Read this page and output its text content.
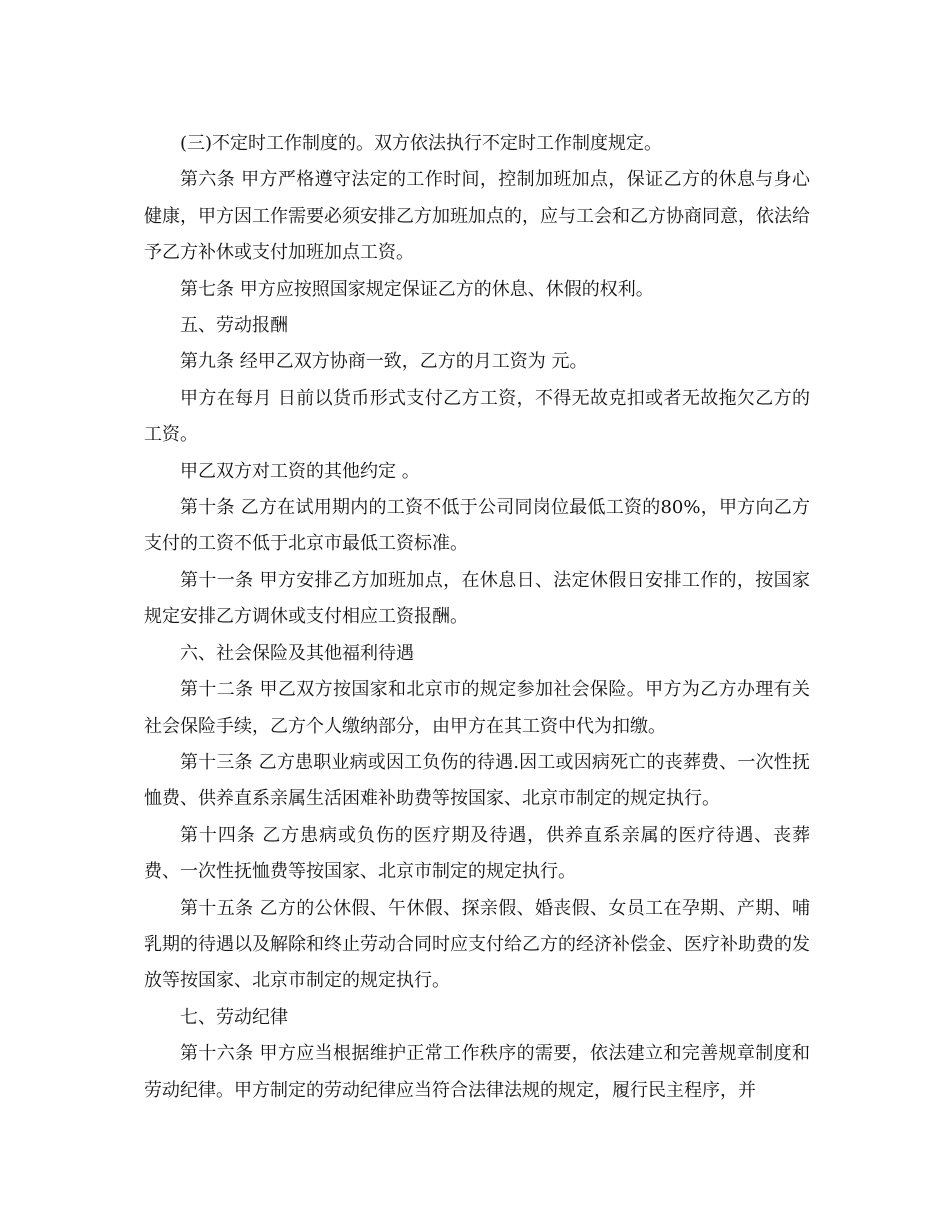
(三)不定时工作制度的。双方依法执行不定时工作制度规定。

第六条 甲方严格遵守法定的工作时间，控制加班加点，保证乙方的休息与身心健康，甲方因工作需要必须安排乙方加班加点的，应与工会和乙方协商同意，依法给予乙方补休或支付加班加点工资。

第七条 甲方应按照国家规定保证乙方的休息、休假的权利。

五、劳动报酬

第九条 经甲乙双方协商一致，乙方的月工资为 元。

甲方在每月 日前以货币形式支付乙方工资，不得无故克扣或者无故拖欠乙方的工资。

甲乙双方对工资的其他约定 。

第十条 乙方在试用期内的工资不低于公司同岗位最低工资的80%，甲方向乙方支付的工资不低于北京市最低工资标准。

第十一条 甲方安排乙方加班加点，在休息日、法定休假日安排工作的，按国家规定安排乙方调休或支付相应工资报酬。

六、社会保险及其他福利待遇

第十二条 甲乙双方按国家和北京市的规定参加社会保险。甲方为乙方办理有关社会保险手续，乙方个人缴纳部分，由甲方在其工资中代为扣缴。

第十三条 乙方患职业病或因工负伤的待遇.因工或因病死亡的丧葬费、一次性抚恤费、供养直系亲属生活困难补助费等按国家、北京市制定的规定执行。

第十四条 乙方患病或负伤的医疗期及待遇，供养直系亲属的医疗待遇、丧葬费、一次性抚恤费等按国家、北京市制定的规定执行。

第十五条 乙方的公休假、午休假、探亲假、婚丧假、女员工在孕期、产期、哺乳期的待遇以及解除和终止劳动合同时应支付给乙方的经济补偿金、医疗补助费的发放等按国家、北京市制定的规定执行。

七、劳动纪律

第十六条 甲方应当根据维护正常工作秩序的需要，依法建立和完善规章制度和劳动纪律。甲方制定的劳动纪律应当符合法律法规的规定，履行民主程序，并
